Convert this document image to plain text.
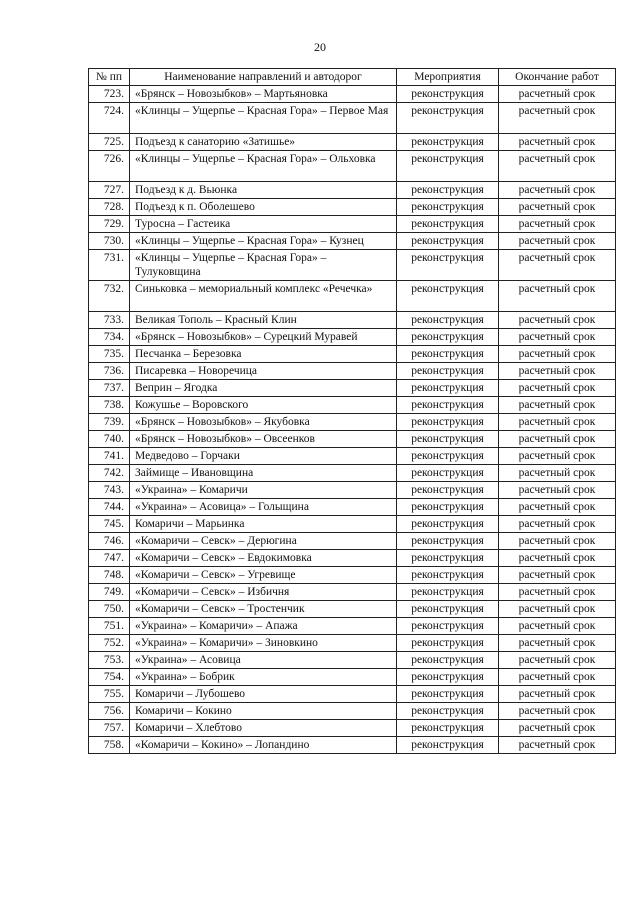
20
№ пп	Наименование направлений и автодорог	Мероприятия	Окончание работ
723.	«Брянск – Новозыбков» – Мартьяновка	реконструкция	расчетный срок
724.	«Клинцы – Ущерпье – Красная Гора» – Первое Мая	реконструкция	расчетный срок
725.	Подъезд к санаторию «Затишье»	реконструкция	расчетный срок
726.	«Клинцы – Ущерпье – Красная Гора» – Ольховка	реконструкция	расчетный срок
727.	Подъезд к д. Вьюнка	реконструкция	расчетный срок
728.	Подъезд к п. Оболешево	реконструкция	расчетный срок
729.	Туросна – Гастеика	реконструкция	расчетный срок
730.	«Клинцы – Ущерпье – Красная Гора» – Кузнец	реконструкция	расчетный срок
731.	«Клинцы – Ущерпье – Красная Гора» – Тулуковщина	реконструкция	расчетный срок
732.	Синьковка – мемориальный комплекс «Речечка»	реконструкция	расчетный срок
733.	Великая Тополь – Красный Клин	реконструкция	расчетный срок
734.	«Брянск – Новозыбков» – Сурецкий Муравей	реконструкция	расчетный срок
735.	Песчанка – Березовка	реконструкция	расчетный срок
736.	Писаревка – Новоречица	реконструкция	расчетный срок
737.	Веприн – Ягодка	реконструкция	расчетный срок
738.	Кожушье – Воровского	реконструкция	расчетный срок
739.	«Брянск – Новозыбков» – Якубовка	реконструкция	расчетный срок
740.	«Брянск – Новозыбков» – Овсеенков	реконструкция	расчетный срок
741.	Медведово – Горчаки	реконструкция	расчетный срок
742.	Займище – Ивановщина	реконструкция	расчетный срок
743.	«Украина» – Комаричи	реконструкция	расчетный срок
744.	«Украина» – Асовица» – Голыщина	реконструкция	расчетный срок
745.	Комаричи – Марьинка	реконструкция	расчетный срок
746.	«Комаричи – Севск» – Дерюгина	реконструкция	расчетный срок
747.	«Комаричи – Севск» – Евдокимовка	реконструкция	расчетный срок
748.	«Комаричи – Севск» – Угревище	реконструкция	расчетный срок
749.	«Комаричи – Севск» – Избичня	реконструкция	расчетный срок
750.	«Комаричи – Севск» – Тростенчик	реконструкция	расчетный срок
751.	«Украина» – Комаричи» – Апажа	реконструкция	расчетный срок
752.	«Украина» – Комаричи» – Зиновкино	реконструкция	расчетный срок
753.	«Украина» – Асовица	реконструкция	расчетный срок
754.	«Украина» – Бобрик	реконструкция	расчетный срок
755.	Комаричи – Лубошево	реконструкция	расчетный срок
756.	Комаричи – Кокино	реконструкция	расчетный срок
757.	Комаричи – Хлебтово	реконструкция	расчетный срок
758.	«Комаричи – Кокино» – Лопандино	реконструкция	расчетный срок
